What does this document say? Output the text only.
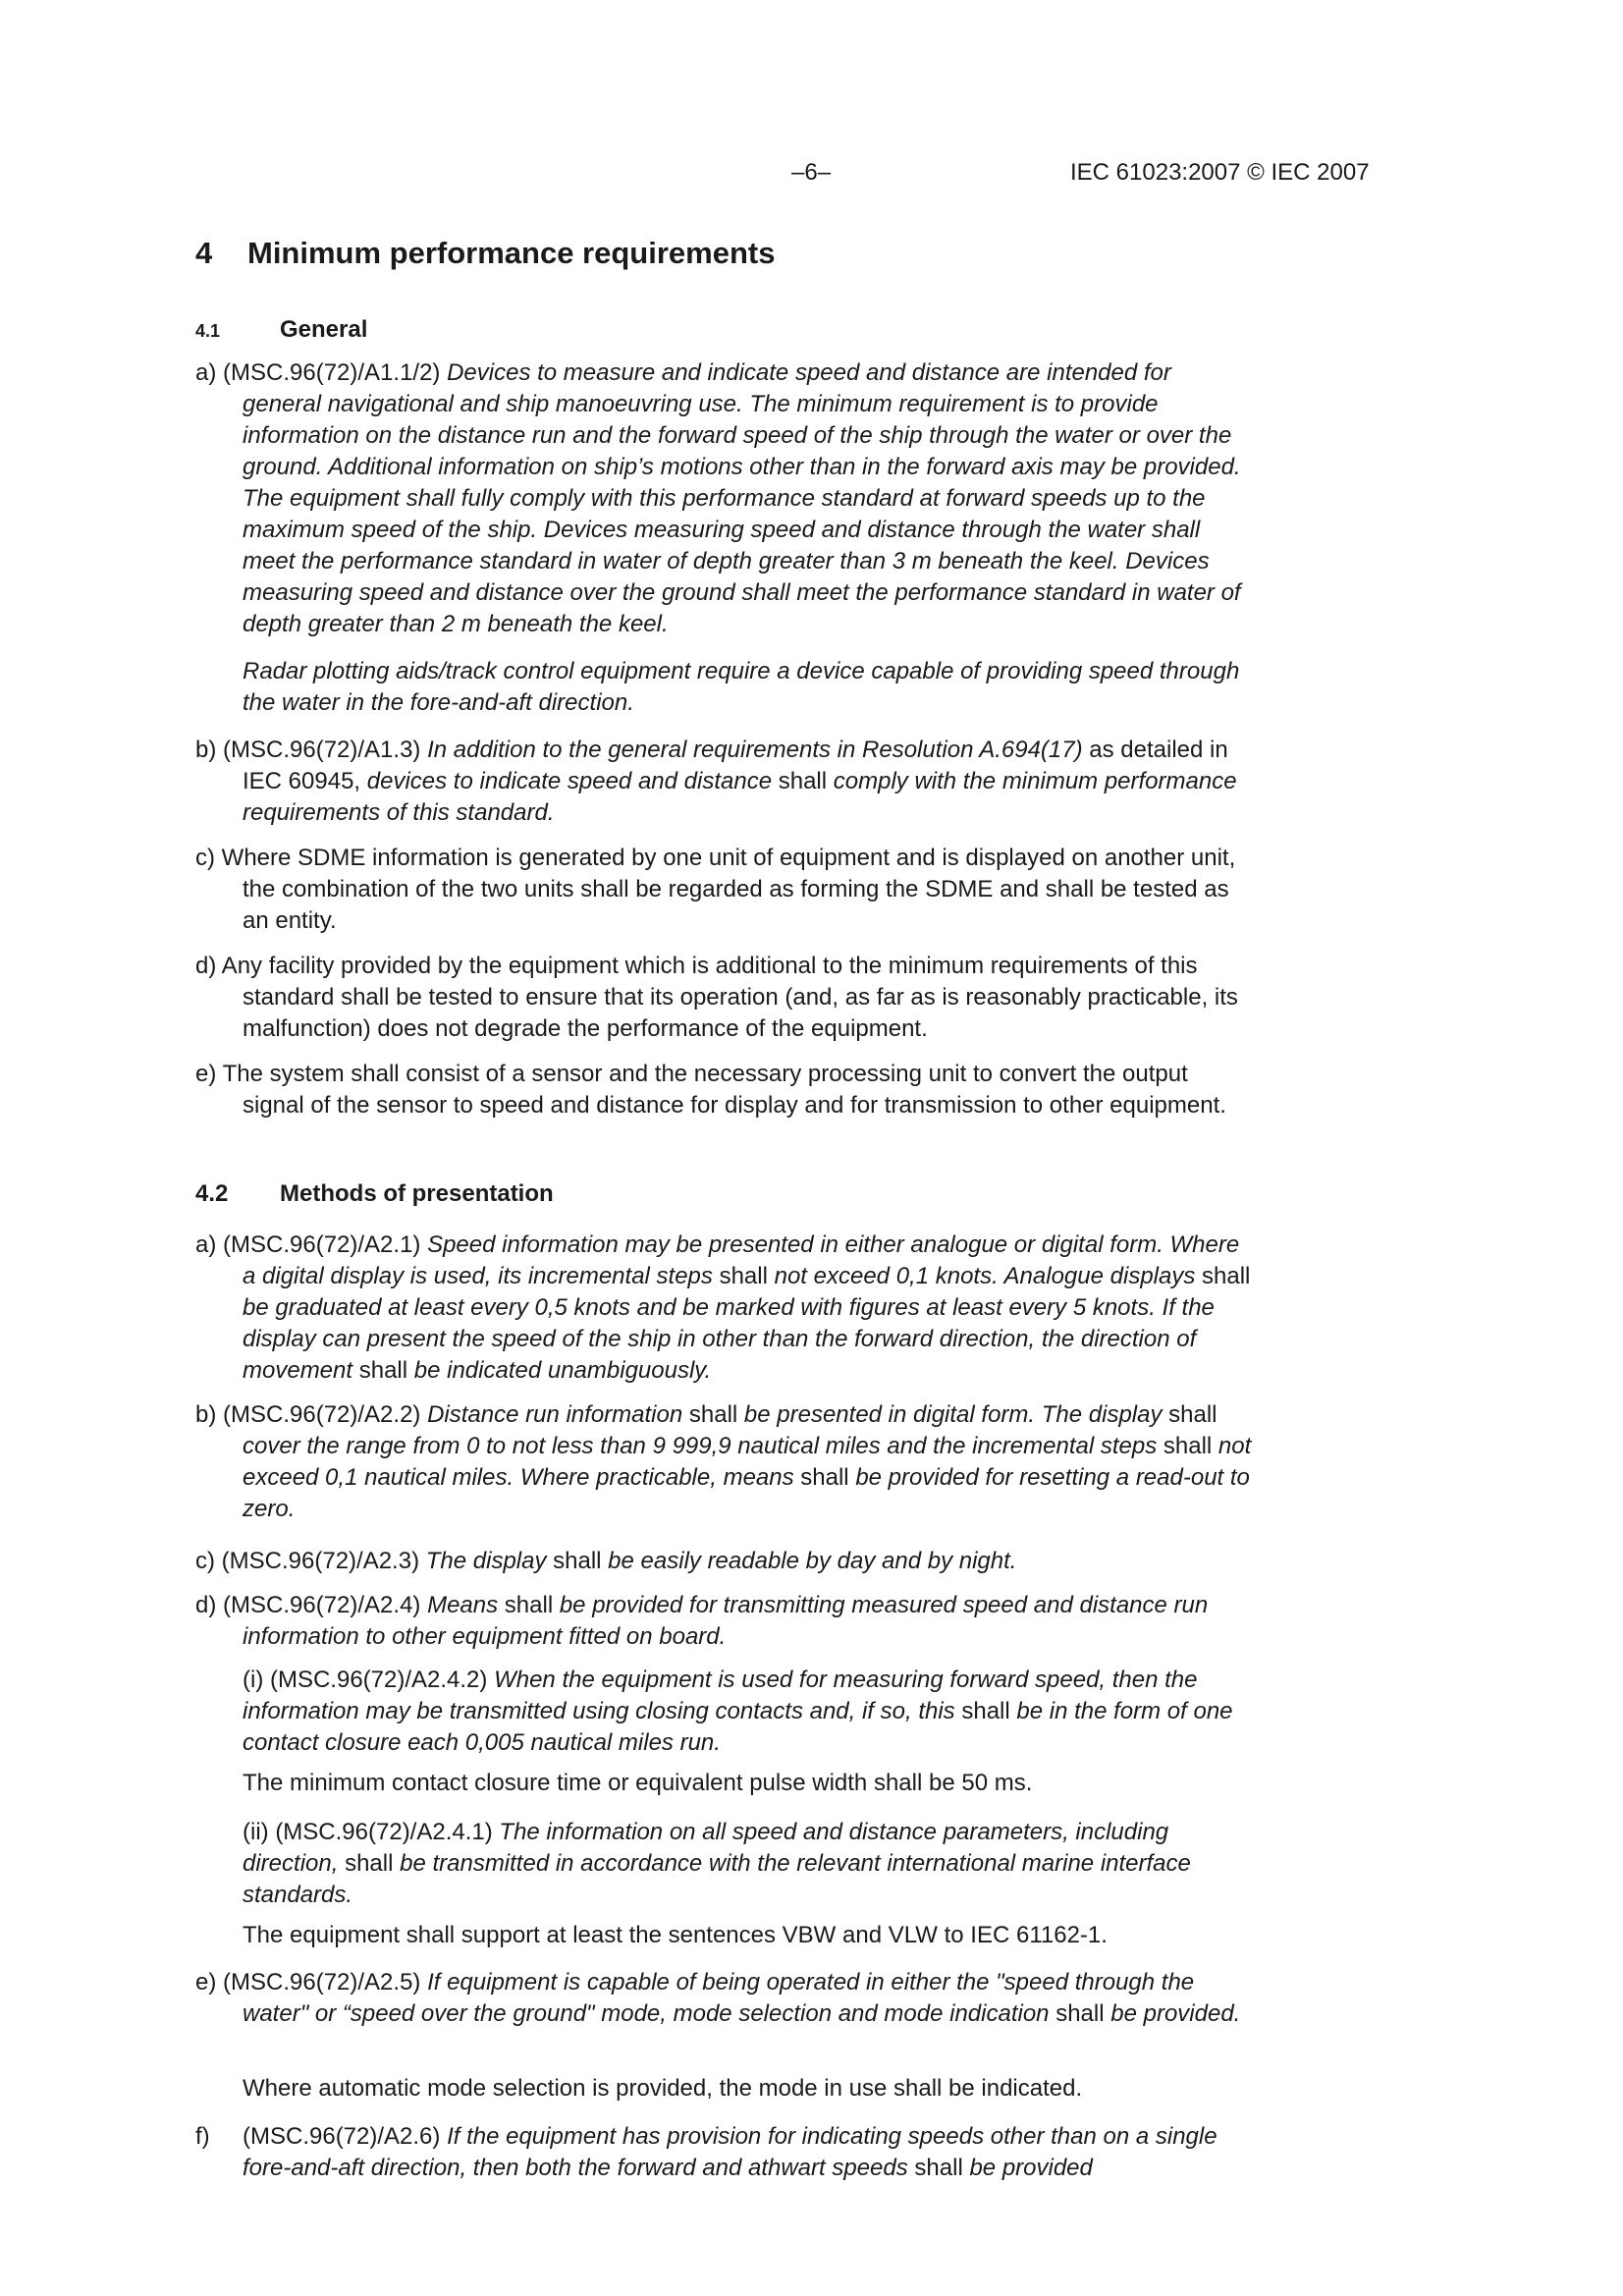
–6–	IEC 61023:2007 © IEC 2007
4 Minimum performance requirements
4.1	General
a) (MSC.96(72)/A1.1/2) Devices to measure and indicate speed and distance are intended for general navigational and ship manoeuvring use. The minimum requirement is to provide information on the distance run and the forward speed of the ship through the water or over the ground. Additional information on ship’s motions other than in the forward axis may be provided. The equipment shall fully comply with this performance standard at forward speeds up to the maximum speed of the ship. Devices measuring speed and distance through the water shall meet the performance standard in water of depth greater than 3 m beneath the keel. Devices measuring speed and distance over the ground shall meet the performance standard in water of depth greater than 2 m beneath the keel.
Radar plotting aids/track control equipment require a device capable of providing speed through the water in the fore-and-aft direction.
b) (MSC.96(72)/A1.3) In addition to the general requirements in Resolution A.694(17) as detailed in IEC 60945, devices to indicate speed and distance shall comply with the minimum performance requirements of this standard.
c) Where SDME information is generated by one unit of equipment and is displayed on another unit, the combination of the two units shall be regarded as forming the SDME and shall be tested as an entity.
d) Any facility provided by the equipment which is additional to the minimum requirements of this standard shall be tested to ensure that its operation (and, as far as is reasonably practicable, its malfunction) does not degrade the performance of the equipment.
e) The system shall consist of a sensor and the necessary processing unit to convert the output signal of the sensor to speed and distance for display and for transmission to other equipment.
4.2 Methods of presentation
a) (MSC.96(72)/A2.1) Speed information may be presented in either analogue or digital form. Where a digital display is used, its incremental steps shall not exceed 0,1 knots. Analogue displays shall be graduated at least every 0,5 knots and be marked with figures at least every 5 knots. If the display can present the speed of the ship in other than the forward direction, the direction of movement shall be indicated unambiguously.
b) (MSC.96(72)/A2.2) Distance run information shall be presented in digital form. The display shall cover the range from 0 to not less than 9 999,9 nautical miles and the incremental steps shall not exceed 0,1 nautical miles. Where practicable, means shall be provided for resetting a read-out to zero.
c) (MSC.96(72)/A2.3) The display shall be easily readable by day and by night.
d) (MSC.96(72)/A2.4) Means shall be provided for transmitting measured speed and distance run information to other equipment fitted on board.
(i) (MSC.96(72)/A2.4.2) When the equipment is used for measuring forward speed, then the information may be transmitted using closing contacts and, if so, this shall be in the form of one contact closure each 0,005 nautical miles run.
The minimum contact closure time or equivalent pulse width shall be 50 ms.
(ii) (MSC.96(72)/A2.4.1) The information on all speed and distance parameters, including direction, shall be transmitted in accordance with the relevant international marine interface standards.
The equipment shall support at least the sentences VBW and VLW to IEC 61162-1.
e) (MSC.96(72)/A2.5) If equipment is capable of being operated in either the "speed through the water" or “speed over the ground" mode, mode selection and mode indication shall be provided.
Where automatic mode selection is provided, the mode in use shall be indicated.
f) (MSC.96(72)/A2.6) If the equipment has provision for indicating speeds other than on a single fore-and-aft direction, then both the forward and athwart speeds shall be provided
